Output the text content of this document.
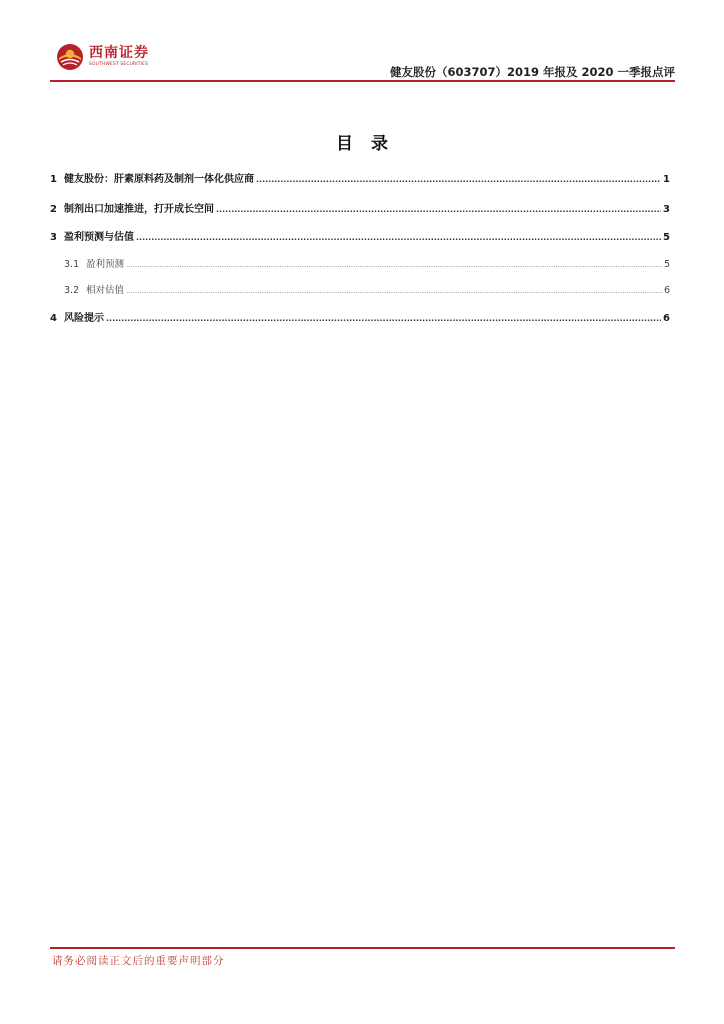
西南证券
SOUTHWEST SECURITIES
健友股份（603707）2019 年报及 2020 一季报点评
目录
1 健友股份：肝素原料药及制剂一体化供应商 .....	1
2 制剂出口加速推进，打开成长空间 .....	3
3 盈利预测与估值 .....	5
3.1 盈利预测 .....	5
3.2 相对估值 .....	6
4 风险提示 .....	6
请务必阅读正文后的重要声明部分
